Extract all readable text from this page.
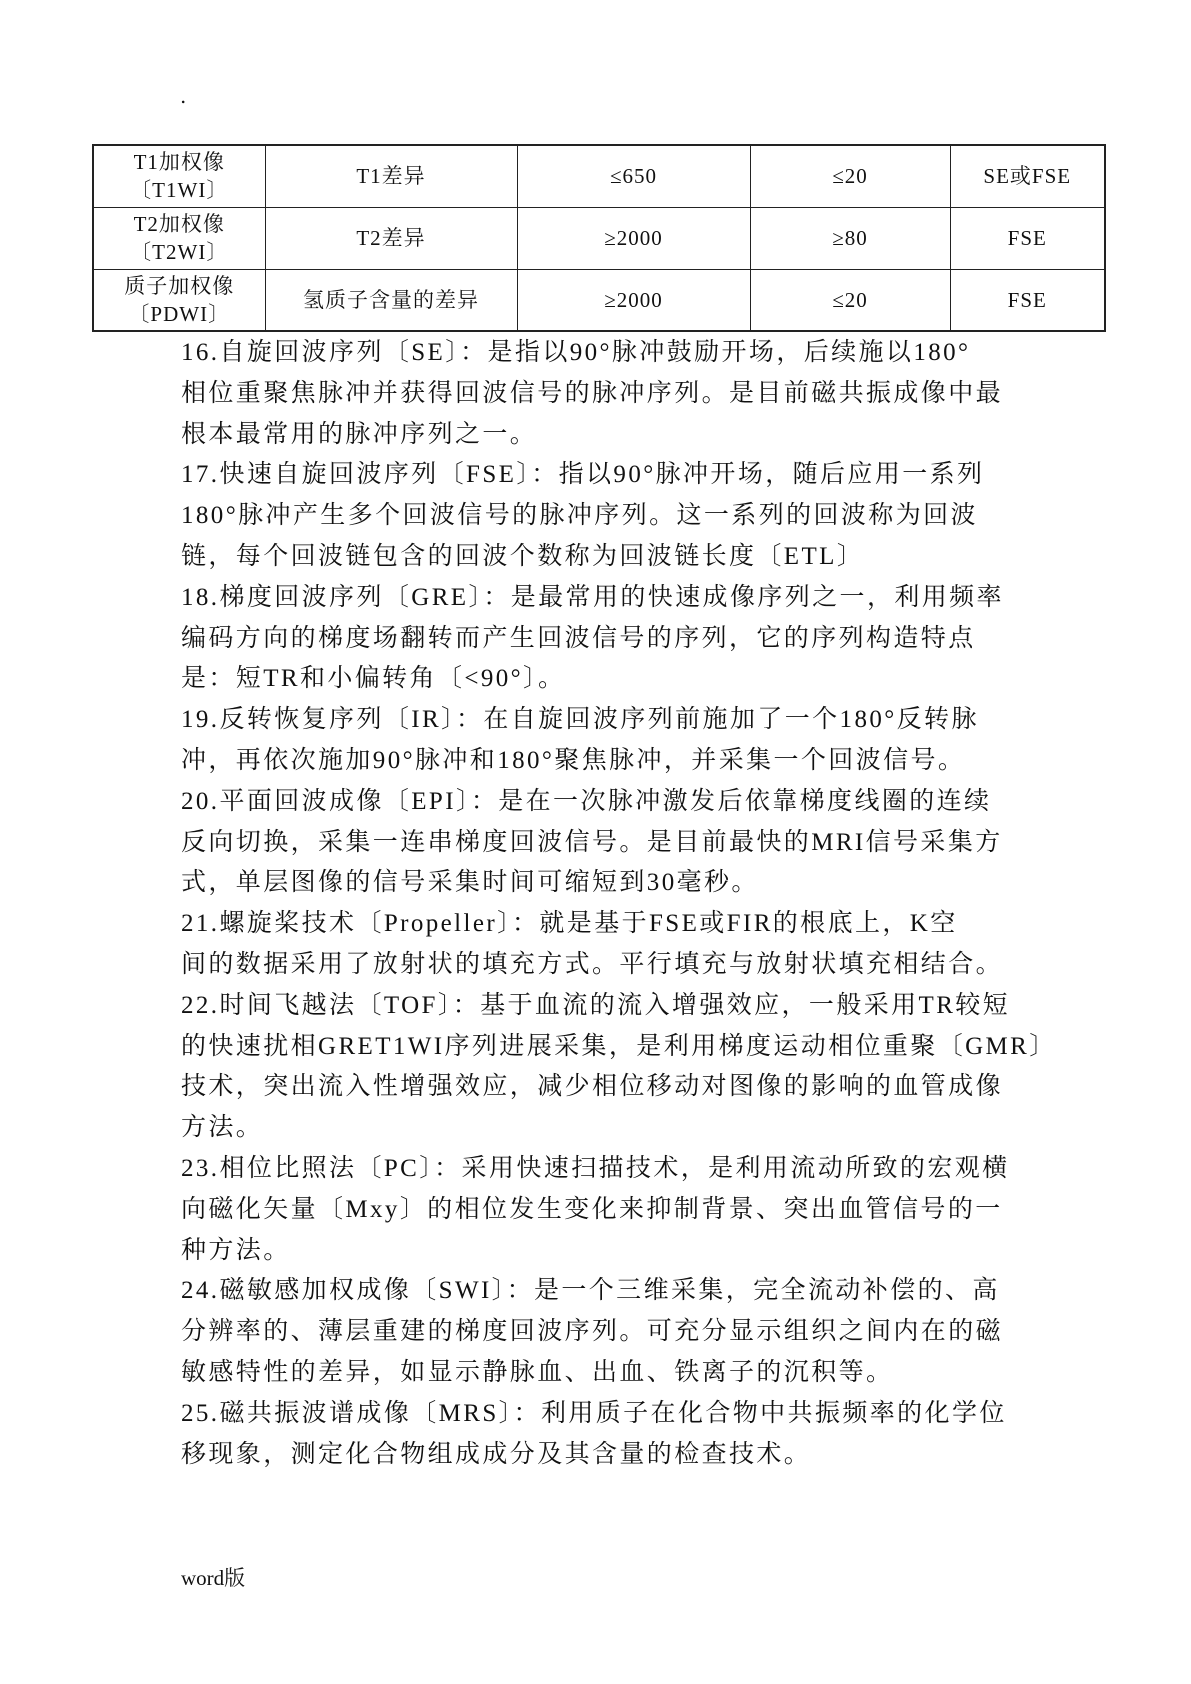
.
T1加权像
〔T1WI〕	T1差异	≤650	≤20	SE或FSE
T2加权像
〔T2WI〕	T2差异	≥2000	≥80	FSE
质子加权像
〔PDWI〕	氢质子含量的差异	≥2000	≤20	FSE

16.自旋回波序列〔SE〕：是指以90°脉冲鼓励开场，后续施以180°

相位重聚焦脉冲并获得回波信号的脉冲序列。是目前磁共振成像中最

根本最常用的脉冲序列之一。

17.快速自旋回波序列〔FSE〕：指以90°脉冲开场，随后应用一系列

180°脉冲产生多个回波信号的脉冲序列。这一系列的回波称为回波

链，每个回波链包含的回波个数称为回波链长度〔ETL〕

18.梯度回波序列〔GRE〕：是最常用的快速成像序列之一，利用频率

编码方向的梯度场翻转而产生回波信号的序列，它的序列构造特点

是：短TR和小偏转角〔<90°〕。

19.反转恢复序列〔IR〕：在自旋回波序列前施加了一个180°反转脉

冲，再依次施加90°脉冲和180°聚焦脉冲，并采集一个回波信号。

20.平面回波成像〔EPI〕：是在一次脉冲激发后依靠梯度线圈的连续

反向切换，采集一连串梯度回波信号。是目前最快的MRI信号采集方

式，单层图像的信号采集时间可缩短到30毫秒。

21.螺旋桨技术〔Propeller〕：就是基于FSE或FIR的根底上，K空

间的数据采用了放射状的填充方式。平行填充与放射状填充相结合。

22.时间飞越法〔TOF〕：基于血流的流入增强效应，一般采用TR较短

的快速扰相GRET1WI序列进展采集，是利用梯度运动相位重聚〔GMR〕

技术，突出流入性增强效应，减少相位移动对图像的影响的血管成像

方法。

23.相位比照法〔PC〕：采用快速扫描技术，是利用流动所致的宏观横

向磁化矢量〔Mxy〕的相位发生变化来抑制背景、突出血管信号的一

种方法。

24.磁敏感加权成像〔SWI〕：是一个三维采集，完全流动补偿的、高

分辨率的、薄层重建的梯度回波序列。可充分显示组织之间内在的磁

敏感特性的差异，如显示静脉血、出血、铁离子的沉积等。

25.磁共振波谱成像〔MRS〕：利用质子在化合物中共振频率的化学位

移现象，测定化合物组成成分及其含量的检查技术。

word版
